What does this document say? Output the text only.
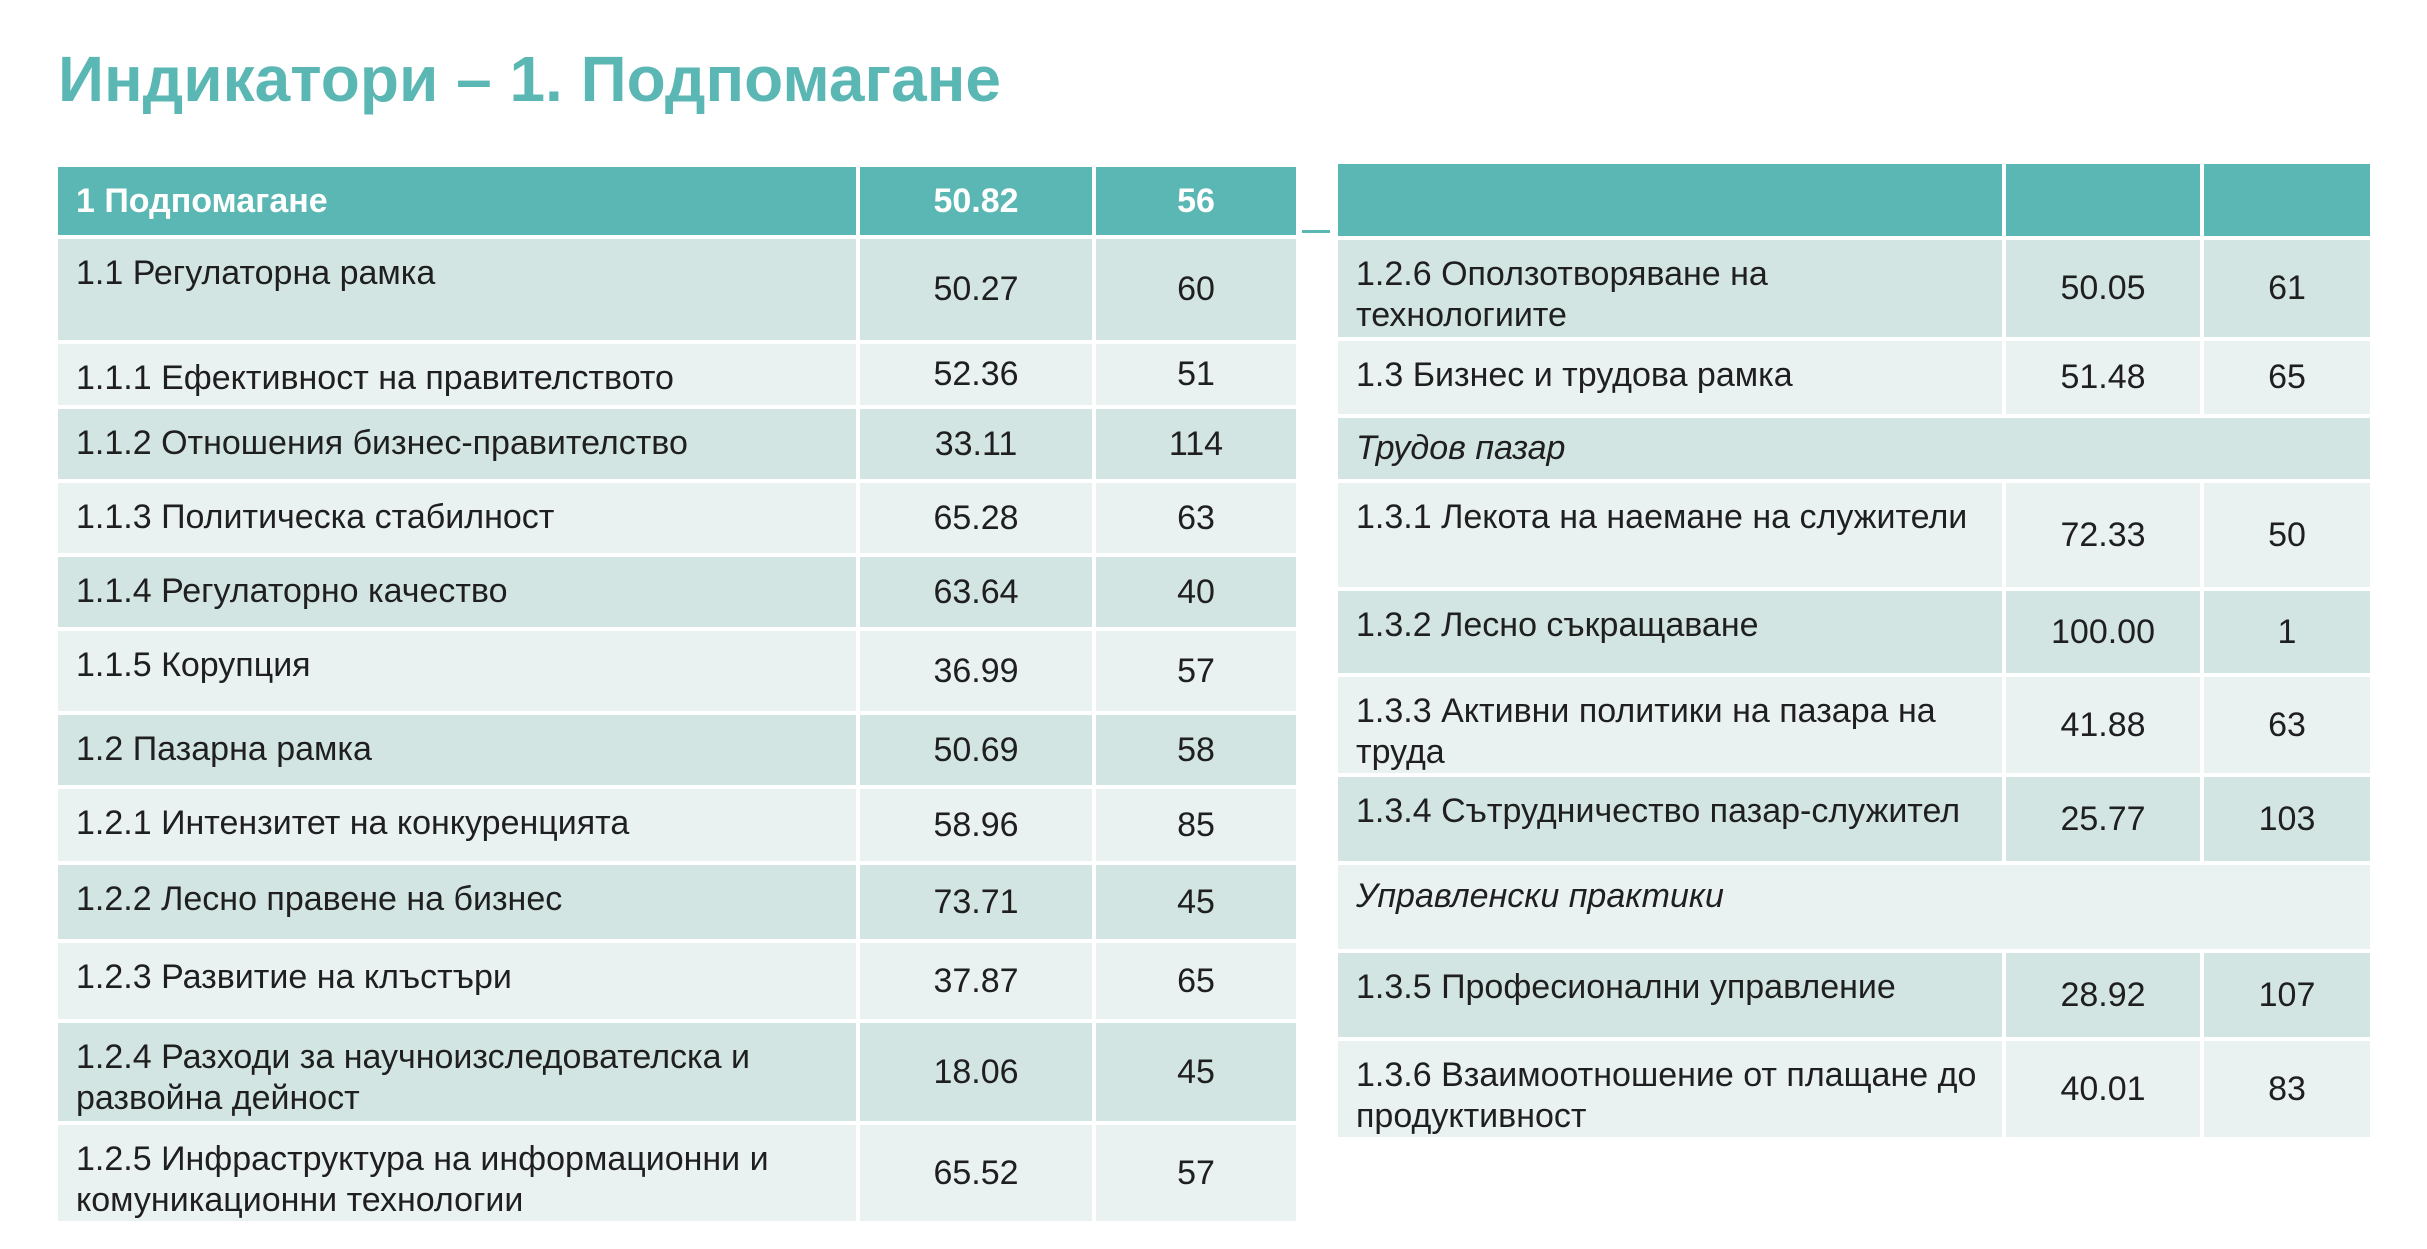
Индикатори – 1. Подпомагане
1 Подпомагане	50.82	56
1.1 Регулаторна рамка	50.27	60
1.1.1 Ефективност на правителството	52.36	51
1.1.2 Отношения бизнес-правителство	33.11	114
1.1.3 Политическа стабилност	65.28	63
1.1.4 Регулаторно качество	63.64	40
1.1.5 Корупция	36.99	57
1.2 Пазарна рамка	50.69	58
1.2.1 Интензитет на конкуренцията	58.96	85
1.2.2 Лесно правене на бизнес	73.71	45
1.2.3 Развитие на клъстъри	37.87	65
1.2.4 Разходи за научноизследователска и развойна дейност	18.06	45
1.2.5 Инфраструктура на информационни и комуникационни технологии	65.52	57

1.2.6 Оползотворяване на технологиите	50.05	61
1.3 Бизнес и трудова рамка	51.48	65
Трудов пазар		
1.3.1 Лекота на наемане на служители	72.33	50
1.3.2 Лесно съкращаване	100.00	1
1.3.3 Активни политики на пазара на труда	41.88	63
1.3.4 Сътрудничество пазар-служител	25.77	103
Управленски практики		
1.3.5 Професионални управление	28.92	107
1.3.6 Взаимоотношение от плащане до продуктивност	40.01	83
